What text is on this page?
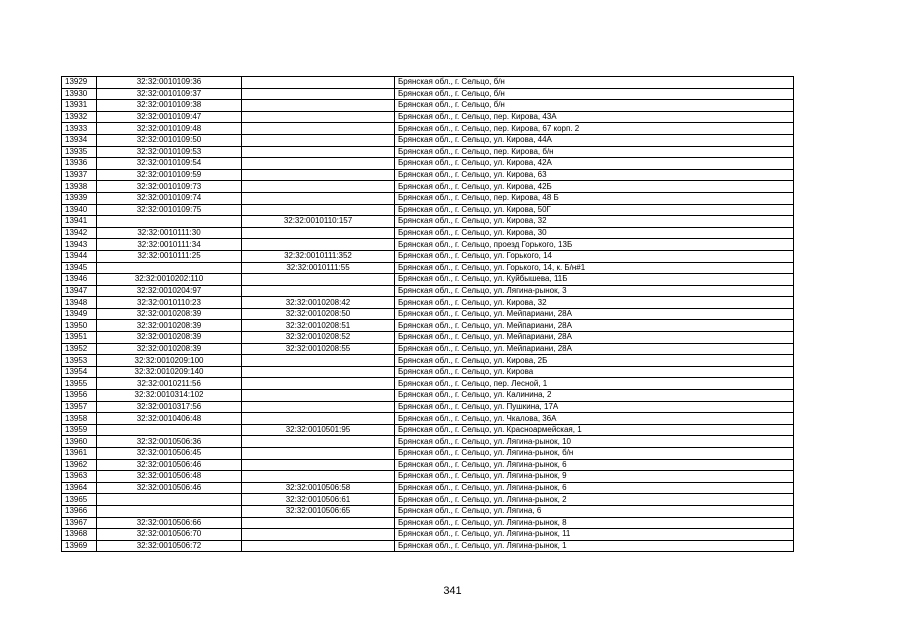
13929	32:32:0010109:36		Брянская обл., г. Сельцо, б/н
13930	32:32:0010109:37		Брянская обл., г. Сельцо, б/н
13931	32:32:0010109:38		Брянская обл., г. Сельцо, б/н
13932	32:32:0010109:47		Брянская обл., г. Сельцо, пер. Кирова, 43А
13933	32:32:0010109:48		Брянская обл., г. Сельцо, пер. Кирова, 67 корп. 2
13934	32:32:0010109:50		Брянская обл., г. Сельцо, ул. Кирова, 44А
13935	32:32:0010109:53		Брянская обл., г. Сельцо, пер. Кирова, б/н
13936	32:32:0010109:54		Брянская обл., г. Сельцо, ул. Кирова, 42А
13937	32:32:0010109:59		Брянская обл., г. Сельцо, ул. Кирова, 63
13938	32:32:0010109:73		Брянская обл., г. Сельцо, ул. Кирова, 42Б
13939	32:32:0010109:74		Брянская обл., г. Сельцо, пер. Кирова, 48 Б
13940	32:32:0010109:75		Брянская обл., г. Сельцо, ул. Кирова, 50Г
13941		32:32:0010110:157	Брянская обл., г. Сельцо, ул. Кирова, 32
13942	32:32:0010111:30		Брянская обл., г. Сельцо, ул. Кирова, 30
13943	32:32:0010111:34		Брянская обл., г. Сельцо, проезд Горького, 13Б
13944	32:32:0010111:25	32:32:0010111:352	Брянская обл., г. Сельцо, ул. Горького, 14
13945		32:32:0010111:55	Брянская обл., г. Сельцо, ул. Горького, 14, к. Б/н#1
13946	32:32:0010202:110		Брянская обл., г. Сельцо, ул. Куйбышева, 11Б
13947	32:32:0010204:97		Брянская обл., г. Сельцо, ул. Лягина-рынок, 3
13948	32:32:0010110:23	32:32:0010208:42	Брянская обл., г. Сельцо, ул. Кирова, 32
13949	32:32:0010208:39	32:32:0010208:50	Брянская обл., г. Сельцо, ул. Мейпариани, 28А
13950	32:32:0010208:39	32:32:0010208:51	Брянская обл., г. Сельцо, ул. Мейпариани, 28А
13951	32:32:0010208:39	32:32:0010208:52	Брянская обл., г. Сельцо, ул. Мейпариани, 28А
13952	32:32:0010208:39	32:32:0010208:55	Брянская обл., г. Сельцо, ул. Мейпариани, 28А
13953	32:32:0010209:100		Брянская обл., г. Сельцо, ул. Кирова, 2Б
13954	32:32:0010209:140		Брянская обл., г. Сельцо, ул. Кирова
13955	32:32:0010211:56		Брянская обл., г. Сельцо, пер. Лесной, 1
13956	32:32:0010314:102		Брянская обл., г. Сельцо, ул. Калинина, 2
13957	32:32:0010317:56		Брянская обл., г. Сельцо, ул. Пушкина, 17А
13958	32:32:0010406:48		Брянская обл., г. Сельцо, ул. Чкалова, 36А
13959		32:32:0010501:95	Брянская обл., г. Сельцо, ул. Красноармейская, 1
13960	32:32:0010506:36		Брянская обл., г. Сельцо, ул. Лягина-рынок, 10
13961	32:32:0010506:45		Брянская обл., г. Сельцо, ул. Лягина-рынок, б/н
13962	32:32:0010506:46		Брянская обл., г. Сельцо, ул. Лягина-рынок, 6
13963	32:32:0010506:48		Брянская обл., г. Сельцо, ул. Лягина-рынок, 9
13964	32:32:0010506:46	32:32:0010506:58	Брянская обл., г. Сельцо, ул. Лягина-рынок, 6
13965		32:32:0010506:61	Брянская обл., г. Сельцо, ул. Лягина-рынок, 2
13966		32:32:0010506:65	Брянская обл., г. Сельцо, ул. Лягина, 6
13967	32:32:0010506:66		Брянская обл., г. Сельцо, ул. Лягина-рынок, 8
13968	32:32:0010506:70		Брянская обл., г. Сельцо, ул. Лягина-рынок, 11
13969	32:32:0010506:72		Брянская обл., г. Сельцо, ул. Лягина-рынок, 1
341
